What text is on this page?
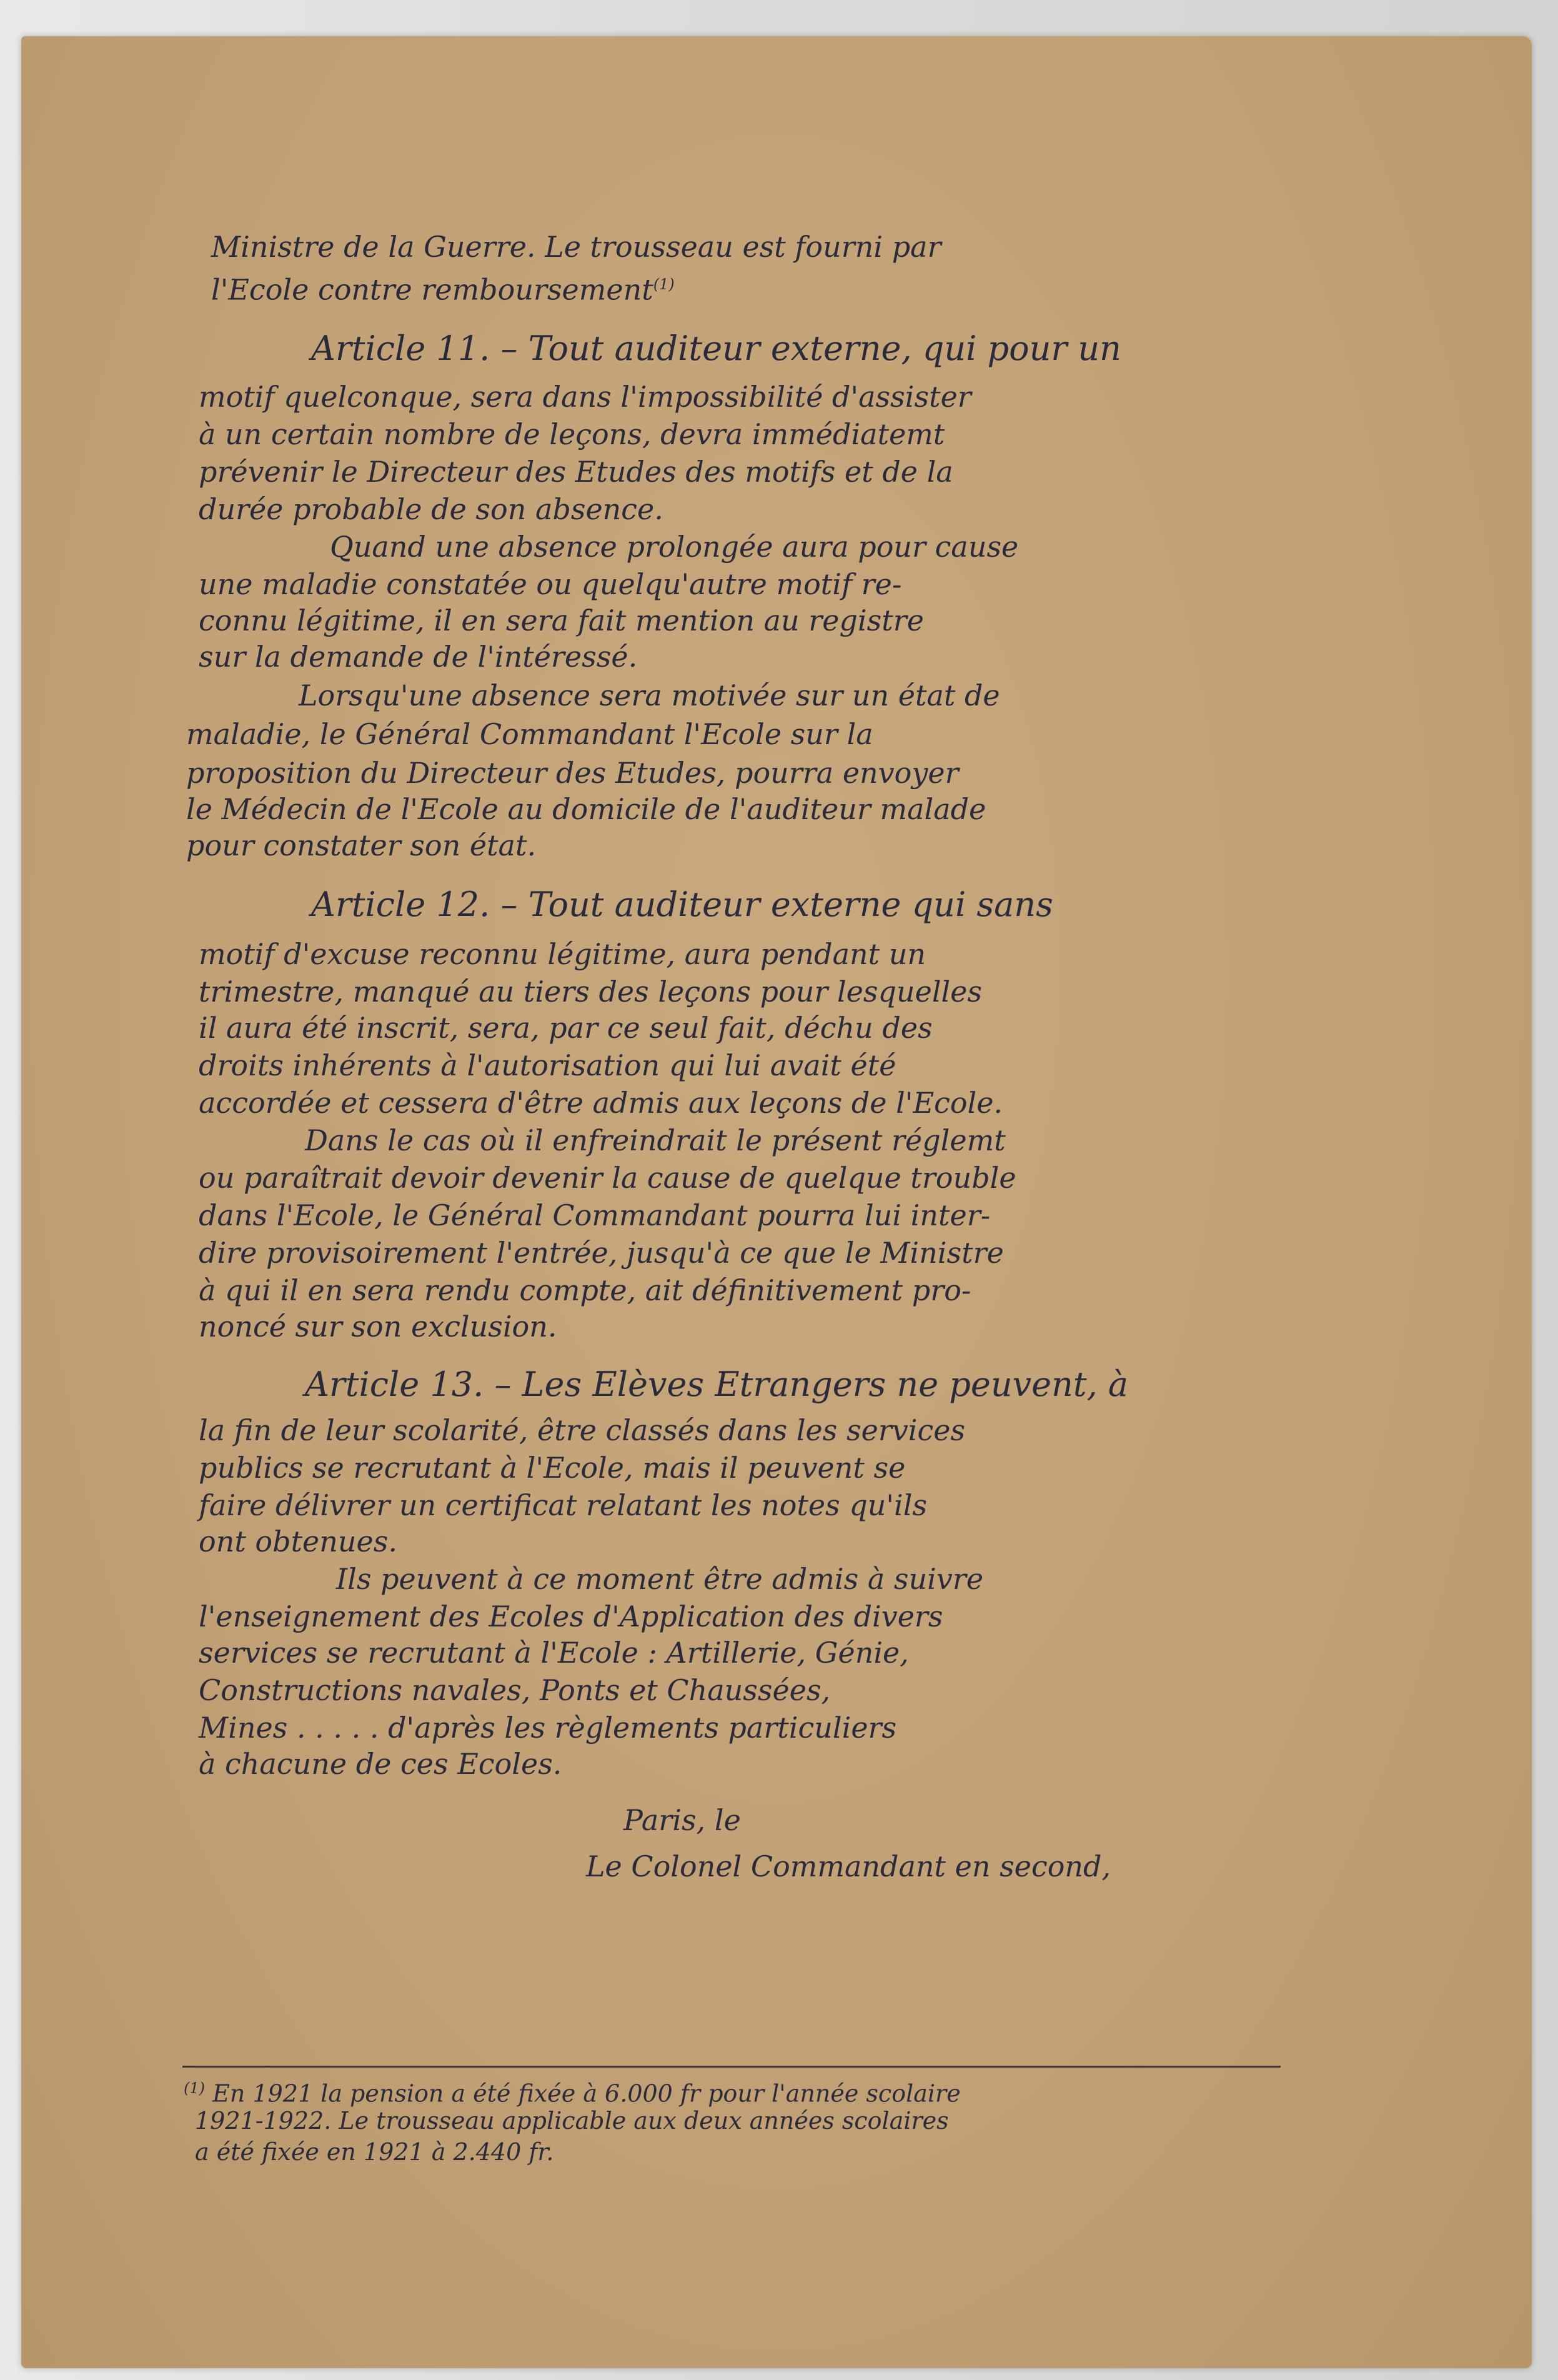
Ministre de la Guerre. Le trousseau est fourni par
l'Ecole contre remboursement$^{(1)}$
Article 11. – Tout auditeur externe, qui pour un
motif quelconque, sera dans l'impossibilité d'assister
à un certain nombre de leçons, devra immédiatemt
prévenir le Directeur des Etudes des motifs et de la
durée probable de son absence.
Quand une absence prolongée aura pour cause
une maladie constatée ou quelqu'autre motif re-
connu légitime, il en sera fait mention au registre
sur la demande de l'intéressé.
Lorsqu'une absence sera motivée sur un état de
maladie, le Général Commandant l'Ecole sur la
proposition du Directeur des Etudes, pourra envoyer
le Médecin de l'Ecole au domicile de l'auditeur malade
pour constater son état.
Article 12. – Tout auditeur externe qui sans
motif d'excuse reconnu légitime, aura pendant un
trimestre, manqué au tiers des leçons pour lesquelles
il aura été inscrit, sera, par ce seul fait, déchu des
droits inhérents à l'autorisation qui lui avait été
accordée et cessera d'être admis aux leçons de l'Ecole.
Dans le cas où il enfreindrait le présent réglemt
ou paraîtrait devoir devenir la cause de quelque trouble
dans l'Ecole, le Général Commandant pourra lui inter-
dire provisoirement l'entrée, jusqu'à ce que le Ministre
à qui il en sera rendu compte, ait définitivement pro-
noncé sur son exclusion.
Article 13. – Les Elèves Etrangers ne peuvent, à
la fin de leur scolarité, être classés dans les services
publics se recrutant à l'Ecole, mais il peuvent se
faire délivrer un certificat relatant les notes qu'ils
ont obtenues.
Ils peuvent à ce moment être admis à suivre
l'enseignement des Ecoles d'Application des divers
services se recrutant à l'Ecole : Artillerie, Génie,
Constructions navales, Ponts et Chaussées,
Mines . . . . . d'après les règlements particuliers
à chacune de ces Ecoles.
Paris, le
Le Colonel Commandant en second,
$^{(1)}$ En 1921 la pension a été fixée à 6.000 fr pour l'année scolaire
1921-1922. Le trousseau applicable aux deux années scolaires
a été fixée en 1921 à 2.440 fr.
